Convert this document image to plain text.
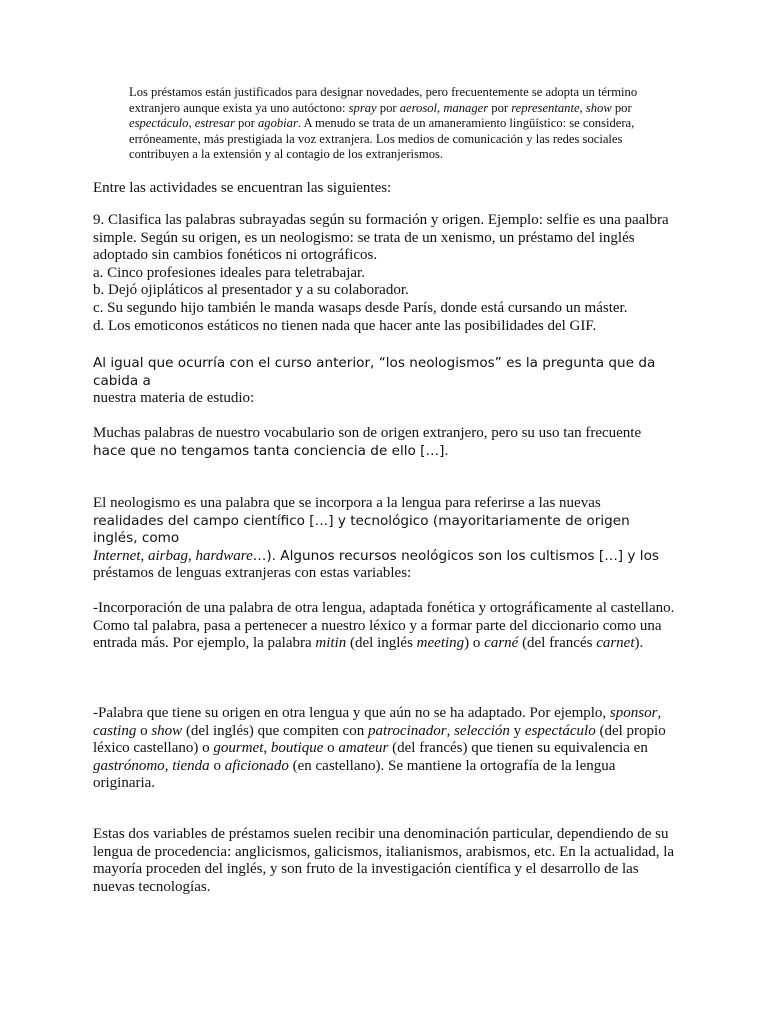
Los préstamos están justificados para designar novedades, pero frecuentemente se adopta un término extranjero aunque exista ya uno autóctono: spray por aerosol, manager por representante, show por espectáculo, estresar por agobiar. A menudo se trata de un amaneramiento lingüístico: se considera, erróneamente, más prestigiada la voz extranjera. Los medios de comunicación y las redes sociales contribuyen a la extensión y al contagio de los extranjerismos.

Entre las actividades se encuentran las siguientes:

9. Clasifica las palabras subrayadas según su formación y origen. Ejemplo: selfie es una paalbra simple. Según su origen, es un neologismo: se trata de un xenismo, un préstamo del inglés adoptado sin cambios fonéticos ni ortográficos.
a. Cinco profesiones ideales para teletrabajar.
b. Dejó ojipláticos al presentador y a su colaborador.
c. Su segundo hijo también le manda wasaps desde París, donde está cursando un máster.
d. Los emoticonos estáticos no tienen nada que hacer ante las posibilidades del GIF.

Al igual que ocurría con el curso anterior, “los neologismos” es la pregunta que da cabida a
nuestra materia de estudio:

Muchas palabras de nuestro vocabulario son de origen extranjero, pero su uso tan frecuente
hace que no tengamos tanta conciencia de ello […].

El neologismo es una palabra que se incorpora a la lengua para referirse a las nuevas
realidades del campo científico […] y tecnológico (mayoritariamente de origen inglés, como
Internet, airbag, hardware…). Algunos recursos neológicos son los cultismos […] y los
préstamos de lenguas extranjeras con estas variables:

-Incorporación de una palabra de otra lengua, adaptada fonética y ortográficamente al castellano. Como tal palabra, pasa a pertenecer a nuestro léxico y a formar parte del diccionario como una entrada más. Por ejemplo, la palabra mitin (del inglés meeting) o carné (del francés carnet).

-Palabra que tiene su origen en otra lengua y que aún no se ha adaptado. Por ejemplo, sponsor, casting o show (del inglés) que compiten con patrocinador, selección y espectáculo (del propio léxico castellano) o gourmet, boutique o amateur (del francés) que tienen su equivalencia en gastrónomo, tienda o aficionado (en castellano). Se mantiene la ortografía de la lengua originaria.

Estas dos variables de préstamos suelen recibir una denominación particular, dependiendo de su lengua de procedencia: anglicismos, galicismos, italianismos, arabismos, etc. En la actualidad, la mayoría proceden del inglés, y son fruto de la investigación científica y el desarrollo de las nuevas tecnologías.
